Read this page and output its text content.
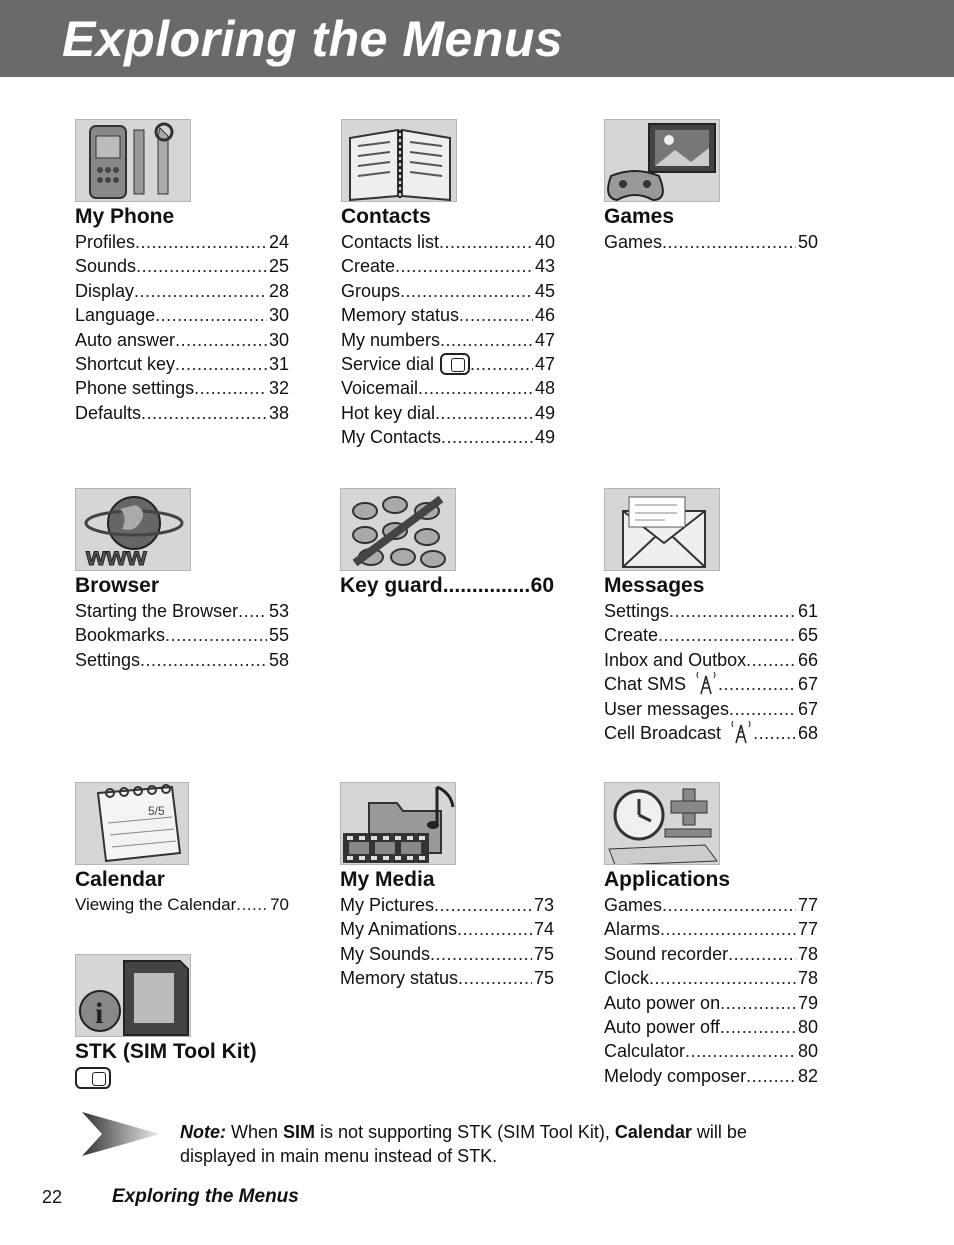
Exploring the Menus
My Phone
Profiles .....	24
Sounds .....	25
Display .....	28
Language .....	30
Auto answer .....	30
Shortcut key .....	31
Phone settings .....	32
Defaults .....	38
Contacts
Contacts list .....	40
Create .....	43
Groups .....	45
Memory status .....	46
My numbers .....	47
Service dial .....	47
Voicemail .....	48
Hot key dial .....	49
My Contacts .....	49
Games
Games .....	50
www
Browser
Starting the Browser ..... 53
Bookmarks .....	55
Settings .....	58
Key guard .....	60 Messages
Settings .....	61
Create .....	65
Inbox and Outbox .....	66
Chat SMS .....	67
User messages .....	67
Cell Broadcast .....	68
5/5
Calendar
Viewing the Calendar ..... 70
My Media
My Pictures .....	73
My Animations .....	74
My Sounds .....	75
Memory status .....	75
Applications
Games .....	77
Alarms .....	77
Sound recorder .....	78
Clock .....	78
Auto power on .....	79
Auto power off .....	80
Calculator .....	80
Melody composer .....	82
i
STK (SIM Tool Kit)
Note: When SIM is not supporting STK (SIM Tool Kit), Calendar will be displayed in main menu instead of STK.
22	Exploring the Menus
